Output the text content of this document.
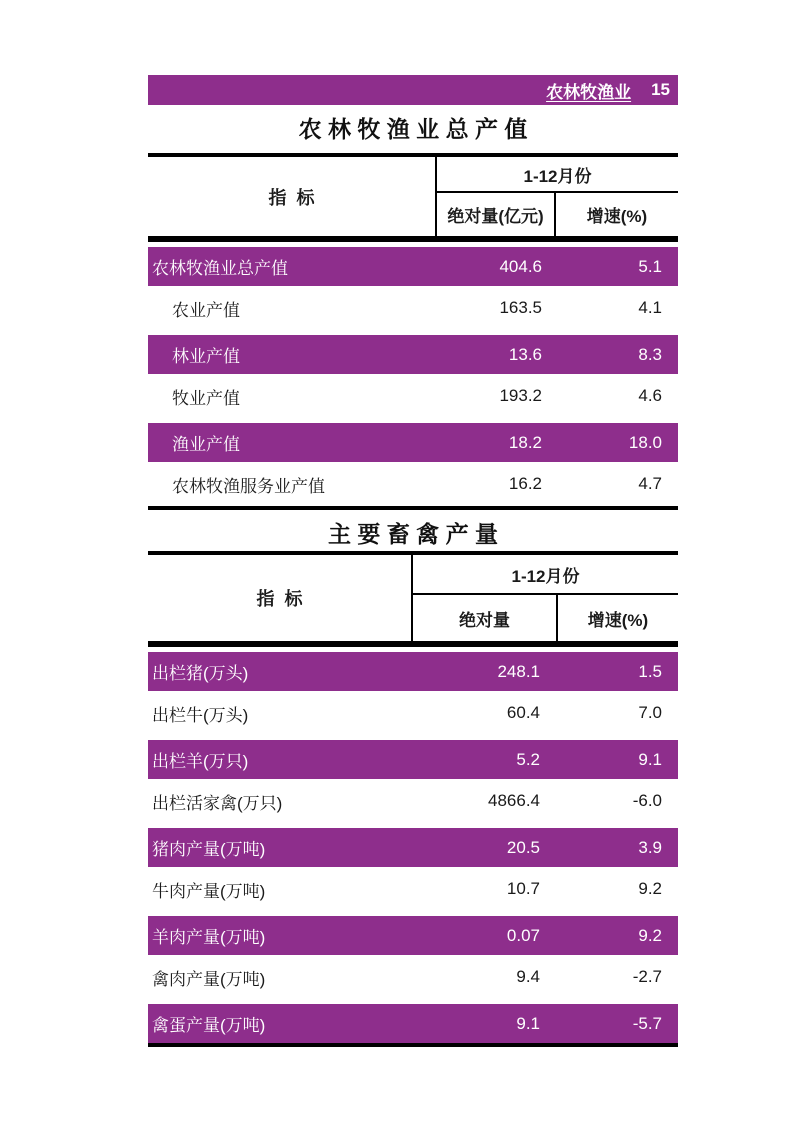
农林牧渔业 15
农 林 牧 渔 业 总 产 值
指  标
1-12月份
绝对量(亿元)	增速(%)
农林牧渔业总产值	404.6	5.1
农业产值	163.5	4.1
林业产值	13.6	8.3
牧业产值	193.2	4.6
渔业产值	18.2	18.0
农林牧渔服务业产值	16.2	4.7
主 要 畜 禽 产 量
指  标
1-12月份
绝对量	增速(%)
出栏猪(万头)	248.1	1.5
出栏牛(万头)	60.4	7.0
出栏羊(万只)	5.2	9.1
出栏活家禽(万只)	4866.4	-6.0
猪肉产量(万吨)	20.5	3.9
牛肉产量(万吨)	10.7	9.2
羊肉产量(万吨)	0.07	9.2
禽肉产量(万吨)	9.4	-2.7
禽蛋产量(万吨)	9.1	-5.7
